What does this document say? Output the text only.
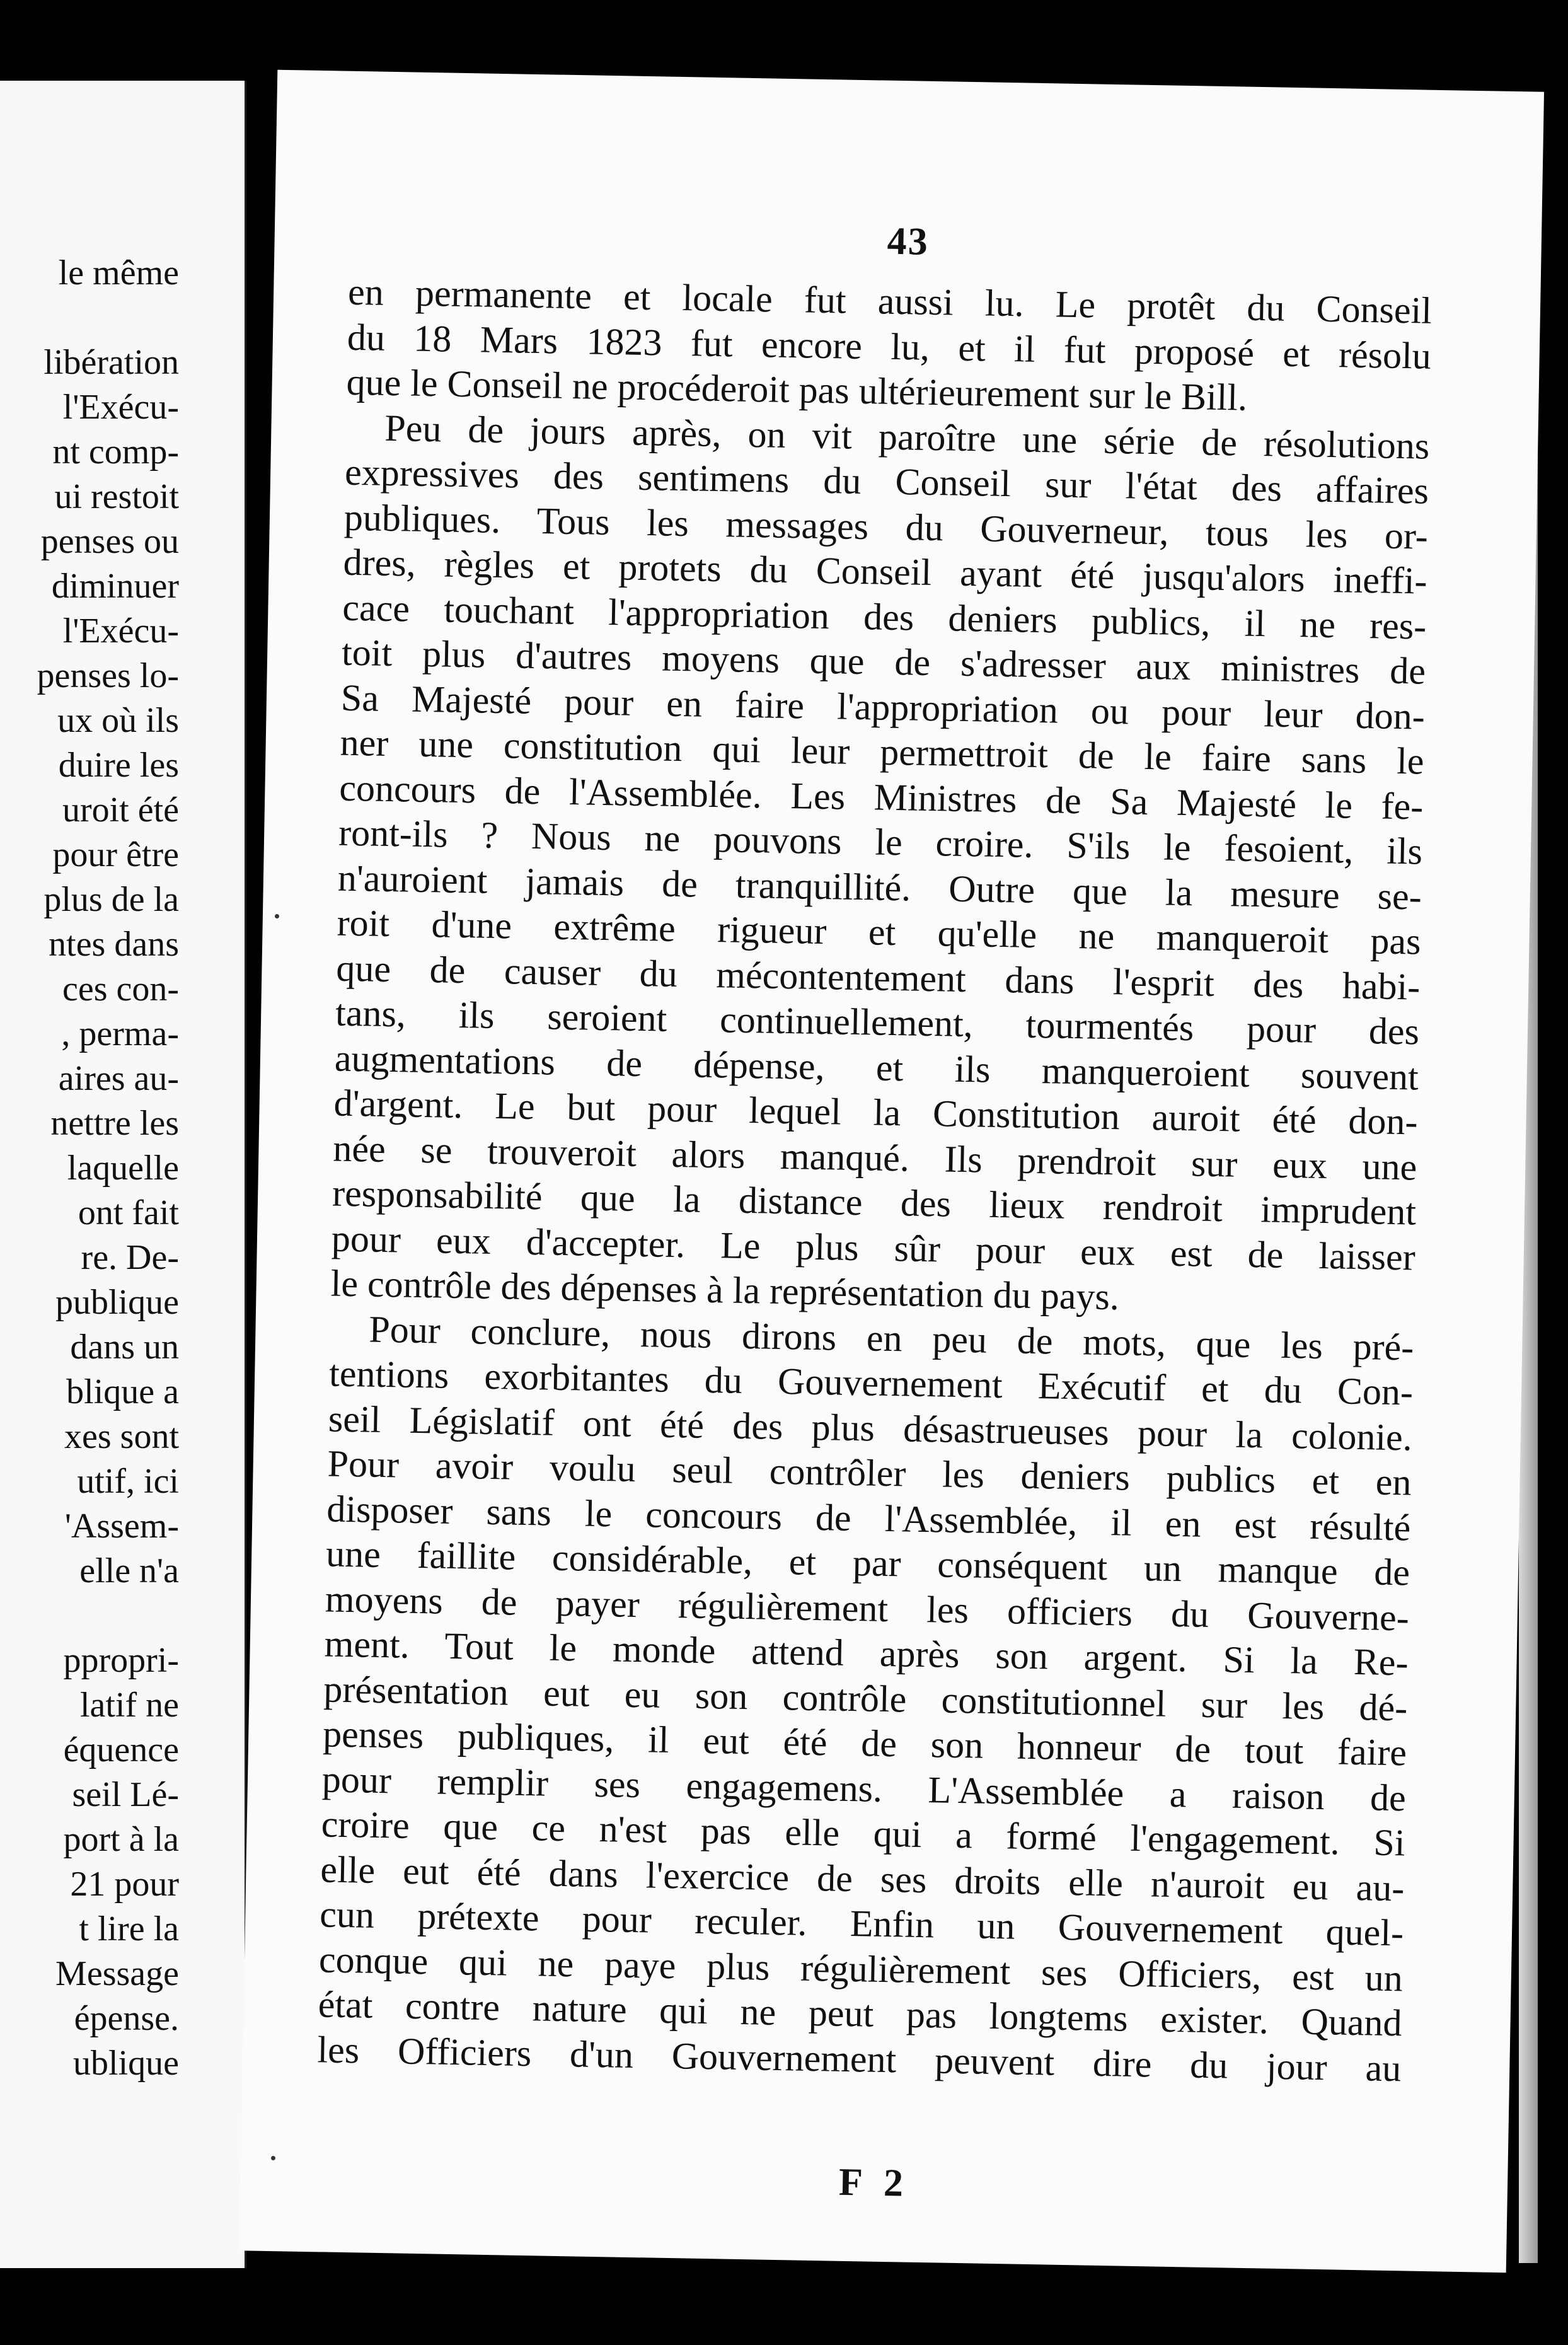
le même
libération
l'Exécu-
nt comp-
ui restoit
penses ou
diminuer
l'Exécu-
penses lo-
ux où ils
duire les
uroit été
pour être
plus de la
ntes dans
ces con-
, perma-
aires au-
nettre les
laquelle
ont fait
re. De-
publique
dans un
blique a
xes sont
utif, ici
'Assem-
elle n'a
ppropri-
latif ne
équence
seil Lé-
port à la
21 pour
t lire la
Message
épense.
ublique
43
en permanente et locale fut aussi lu. Le protêt du Conseil
du 18 Mars 1823 fut encore lu, et il fut proposé et résolu
que le Conseil ne procéderoit pas ultérieurement sur le Bill.
Peu de jours après, on vit paroître une série de résolutions
expressives des sentimens du Conseil sur l'état des affaires
publiques. Tous les messages du Gouverneur, tous les or-
dres, règles et protets du Conseil ayant été jusqu'alors ineffi-
cace touchant l'appropriation des deniers publics, il ne res-
toit plus d'autres moyens que de s'adresser aux ministres de
Sa Majesté pour en faire l'appropriation ou pour leur don-
ner une constitution qui leur permettroit de le faire sans le
concours de l'Assemblée. Les Ministres de Sa Majesté le fe-
ront-ils ? Nous ne pouvons le croire. S'ils le fesoient, ils
n'auroient jamais de tranquillité. Outre que la mesure se-
roit d'une extrême rigueur et qu'elle ne manqueroit pas
que de causer du mécontentement dans l'esprit des habi-
tans, ils seroient continuellement, tourmentés pour des
augmentations de dépense, et ils manqueroient souvent
d'argent. Le but pour lequel la Constitution auroit été don-
née se trouveroit alors manqué. Ils prendroit sur eux une
responsabilité que la distance des lieux rendroit imprudent
pour eux d'accepter. Le plus sûr pour eux est de laisser
le contrôle des dépenses à la représentation du pays.
Pour conclure, nous dirons en peu de mots, que les pré-
tentions exorbitantes du Gouvernement Exécutif et du Con-
seil Législatif ont été des plus désastrueuses pour la colonie.
Pour avoir voulu seul contrôler les deniers publics et en
disposer sans le concours de l'Assemblée, il en est résulté
une faillite considérable, et par conséquent un manque de
moyens de payer régulièrement les officiers du Gouverne-
ment. Tout le monde attend après son argent. Si la Re-
présentation eut eu son contrôle constitutionnel sur les dé-
penses publiques, il eut été de son honneur de tout faire
pour remplir ses engagemens. L'Assemblée a raison de
croire que ce n'est pas elle qui a formé l'engagement. Si
elle eut été dans l'exercice de ses droits elle n'auroit eu au-
cun prétexte pour reculer. Enfin un Gouvernement quel-
conque qui ne paye plus régulièrement ses Officiers, est un
état contre nature qui ne peut pas longtems exister. Quand
les Officiers d'un Gouvernement peuvent dire du jour au
F 2
